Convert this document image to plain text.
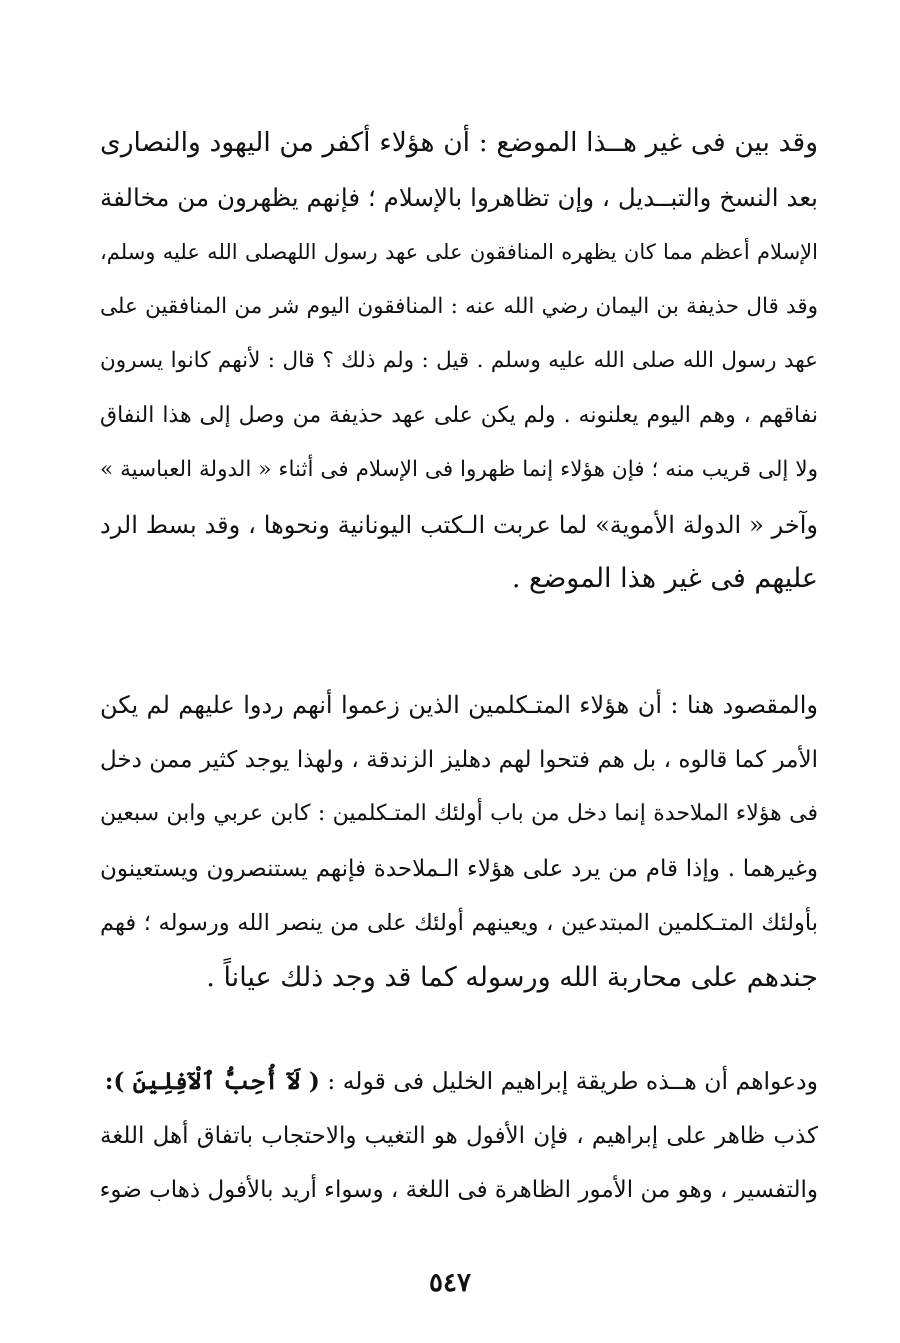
وقد بين فى غير هــذا الموضع : أن هؤلاء أكفر من اليهود والنصارى
بعد النسخ والتبــديل ، وإن تظاهروا بالإسلام ؛ فإنهم يظهرون من مخالفة
الإسلام أعظم مما كان يظهره المنافقون على عهد رسول اللهصلى الله عليه وسلم،
وقد قال حذيفة بن اليمان رضي الله عنه : المنافقون اليوم شر من المنافقين على
عهد رسول الله صلى الله عليه وسلم . قيل : ولم ذلك ؟ قال : لأنهم كانوا يسرون
نفاقهم ، وهم اليوم يعلنونه . ولم يكن على عهد حذيفة من وصل إلى هذا النفاق
ولا إلى قريب منه ؛ فإن هؤلاء إنما ظهروا فى الإسلام فى أثناء « الدولة العباسية »
وآخر « الدولة الأموية» لما عربت الـكتب اليونانية ونحوها ، وقد بسط الرد
عليهم فى غير هذا الموضع .
والمقصود هنا : أن هؤلاء المتـكلمين الذين زعموا أنهم ردوا عليهم لم يكن
الأمر كما قالوه ، بل هم فتحوا لهم دهليز الزندقة ، ولهذا يوجد كثير ممن دخل
فى هؤلاء الملاحدة إنما دخل من باب أولئك المتـكلمين : كابن عربي وابن سبعين
وغيرهما . وإذا قام من يرد على هؤلاء الـملاحدة فإنهم يستنصرون ويستعينون
بأولئك المتـكلمين المبتدعين ، ويعينهم أولئك على من ينصر الله ورسوله ؛ فهم
جندهم على محاربة الله ورسوله كما قد وجد ذلك عياناً .
ودعواهم أن هــذه طريقة إبراهيم الخليل فى قوله : ( لَآ أُحِبُّ ٱلْآفِلِينَ ):
كذب ظاهر على إبراهيم ، فإن الأفول هو التغيب والاحتجاب باتفاق أهل اللغة
والتفسير ، وهو من الأمور الظاهرة فى اللغة ، وسواء أريد بالأفول ذهاب ضوء
٥٤٧
